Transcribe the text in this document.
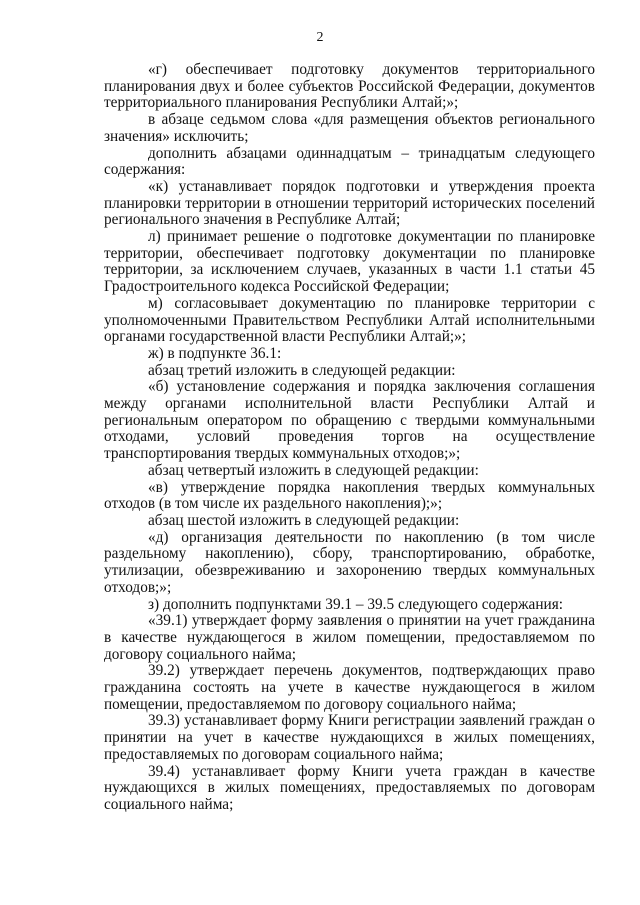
2

«г) обеспечивает подготовку документов территориального планирования двух и более субъектов Российской Федерации, документов территориального планирования Республики Алтай;»;

в абзаце седьмом слова «для размещения объектов регионального значения» исключить;

дополнить абзацами одиннадцатым – тринадцатым следующего содержания:

«к) устанавливает порядок подготовки и утверждения проекта планировки территории в отношении территорий исторических поселений регионального значения в Республике Алтай;

л) принимает решение о подготовке документации по планировке территории, обеспечивает подготовку документации по планировке территории, за исключением случаев, указанных в части 1.1 статьи 45 Градостроительного кодекса Российской Федерации;

м) согласовывает документацию по планировке территории с уполномоченными Правительством Республики Алтай исполнительными органами государственной власти Республики Алтай;»;

ж) в подпункте 36.1:

абзац третий изложить в следующей редакции:

«б) установление содержания и порядка заключения соглашения между органами исполнительной власти Республики Алтай и региональным оператором по обращению с твердыми коммунальными отходами, условий проведения торгов на осуществление транспортирования твердых коммунальных отходов;»;

абзац четвертый изложить в следующей редакции:

«в) утверждение порядка накопления твердых коммунальных отходов (в том числе их раздельного накопления);»;

абзац шестой изложить в следующей редакции:

«д) организация деятельности по накоплению (в том числе раздельному накоплению), сбору, транспортированию, обработке, утилизации, обезвреживанию и захоронению твердых коммунальных отходов;»;

з) дополнить подпунктами 39.1 – 39.5 следующего содержания:

«39.1) утверждает форму заявления о принятии на учет гражданина в качестве нуждающегося в жилом помещении, предоставляемом по договору социального найма;

39.2) утверждает перечень документов, подтверждающих право гражданина состоять на учете в качестве нуждающегося в жилом помещении, предоставляемом по договору социального найма;

39.3) устанавливает форму Книги регистрации заявлений граждан о принятии на учет в качестве нуждающихся в жилых помещениях, предоставляемых по договорам социального найма;

39.4) устанавливает форму Книги учета граждан в качестве нуждающихся в жилых помещениях, предоставляемых по договорам социального найма;
